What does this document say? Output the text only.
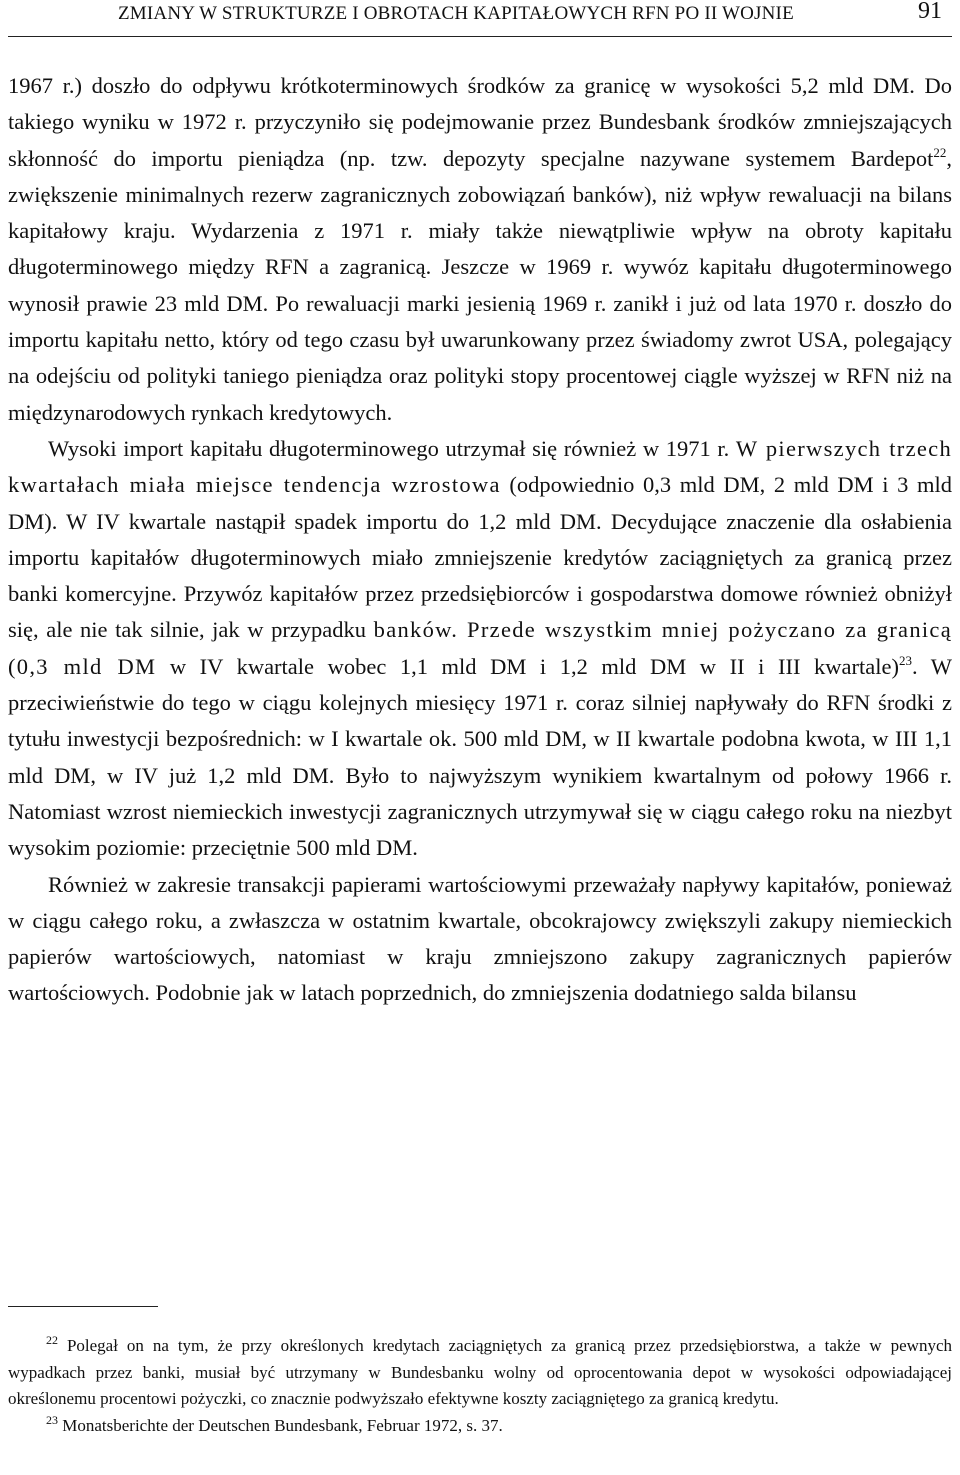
ZMIANY W STRUKTURZE I OBROTACH KAPITAŁOWYCH RFN PO II WOJNIE	91

1967 r.) doszło do odpływu krótkoterminowych środków za granicę w wysokości 5,2 mld DM. Do takiego wyniku w 1972 r. przyczyniło się podejmowanie przez Bundesbank środków zmniejszających skłonność do importu pieniądza (np. tzw. depozyty specjalne nazywane systemem Bardepot$^{22}$, zwiększenie minimalnych rezerw zagranicznych zobowiązań banków), niż wpływ rewaluacji na bilans kapitałowy kraju. Wydarzenia z 1971 r. miały także niewątpliwie wpływ na obroty kapitału długoterminowego między RFN a zagranicą. Jeszcze w 1969 r. wywóz kapitału długoterminowego wynosił prawie 23 mld DM. Po rewaluacji marki jesienią 1969 r. zanikł i już od lata 1970 r. doszło do importu kapitału netto, który od tego czasu był uwarunkowany przez świadomy zwrot USA, polegający na odejściu od polityki taniego pieniądza oraz polityki stopy procentowej ciągle wyższej w RFN niż na międzynarodowych rynkach kredytowych.

Wysoki import kapitału długoterminowego utrzymał się również w 1971 r. W pierwszych trzech kwartałach miała miejsce tendencja wzrostowa (odpowiednio 0,3 mld DM, 2 mld DM i 3 mld DM). W IV kwartale nastąpił spadek importu do 1,2 mld DM. Decydujące znaczenie dla osłabienia importu kapitałów długoterminowych miało zmniejszenie kredytów zaciągniętych za granicą przez banki komercyjne. Przywóz kapitałów przez przedsiębiorców i gospodarstwa domowe również obniżył się, ale nie tak silnie, jak w przypadku banków. Przede wszystkim mniej pożyczano za granicą (0,3 mld DM w IV kwartale wobec 1,1 mld DM i 1,2 mld DM w II i III kwartale)$^{23}$. W przeciwieństwie do tego w ciągu kolejnych miesięcy 1971 r. coraz silniej napływały do RFN środki z tytułu inwestycji bezpośrednich: w I kwartale ok. 500 mld DM, w II kwartale podobna kwota, w III 1,1 mld DM, w IV już 1,2 mld DM. Było to najwyższym wynikiem kwartalnym od połowy 1966 r. Natomiast wzrost niemieckich inwestycji zagranicznych utrzymywał się w ciągu całego roku na niezbyt wysokim poziomie: przeciętnie 500 mld DM.

Również w zakresie transakcji papierami wartościowymi przeważały napływy kapitałów, ponieważ w ciągu całego roku, a zwłaszcza w ostatnim kwartale, obcokrajowcy zwiększyli zakupy niemieckich papierów wartościowych, natomiast w kraju zmniejszono zakupy zagranicznych papierów wartościowych. Podobnie jak w latach poprzednich, do zmniejszenia dodatniego salda bilansu

$^{22}$ Polegał on na tym, że przy określonych kredytach zaciągniętych za granicą przez przedsiębiorstwa, a także w pewnych wypadkach przez banki, musiał być utrzymany w Bundesbanku wolny od oprocentowania depot w wysokości odpowiadającej określonemu procentowi pożyczki, co znacznie podwyższało efektywne koszty zaciągniętego za granicą kredytu.

$^{23}$ Monatsberichte der Deutschen Bundesbank, Februar 1972, s. 37.
